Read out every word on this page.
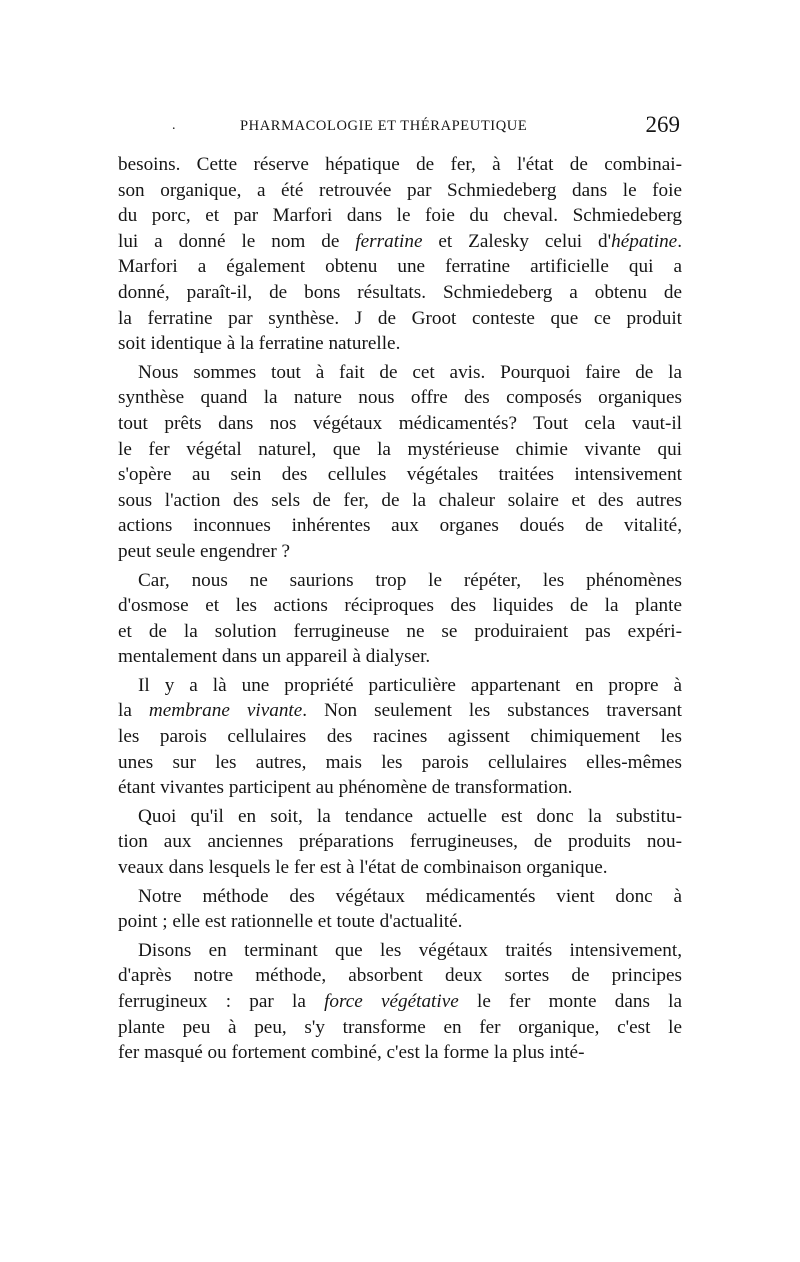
.	PHARMACOLOGIE ET THÉRAPEUTIQUE	269
besoins. Cette réserve hépatique de fer, à l'état de combinai-
son organique, a été retrouvée par Schmiedeberg dans le foie
du porc, et par Marfori dans le foie du cheval. Schmiedeberg
lui a donné le nom de ferratine et Zalesky celui d'hépatine.
Marfori a également obtenu une ferratine artificielle qui a
donné, paraît-il, de bons résultats. Schmiedeberg a obtenu de
la ferratine par synthèse. J de Groot conteste que ce produit
soit identique à la ferratine naturelle.
Nous sommes tout à fait de cet avis. Pourquoi faire de la
synthèse quand la nature nous offre des composés organiques
tout prêts dans nos végétaux médicamentés? Tout cela vaut-il
le fer végétal naturel, que la mystérieuse chimie vivante qui
s'opère au sein des cellules végétales traitées intensivement
sous l'action des sels de fer, de la chaleur solaire et des autres
actions inconnues inhérentes aux organes doués de vitalité,
peut seule engendrer ?
Car, nous ne saurions trop le répéter, les phénomènes
d'osmose et les actions réciproques des liquides de la plante
et de la solution ferrugineuse ne se produiraient pas expéri-
mentalement dans un appareil à dialyser.
Il y a là une propriété particulière appartenant en propre à
la membrane vivante. Non seulement les substances traversant
les parois cellulaires des racines agissent chimiquement les
unes sur les autres, mais les parois cellulaires elles-mêmes
étant vivantes participent au phénomène de transformation.
Quoi qu'il en soit, la tendance actuelle est donc la substitu-
tion aux anciennes préparations ferrugineuses, de produits nou-
veaux dans lesquels le fer est à l'état de combinaison organique.
Notre méthode des végétaux médicamentés vient donc à
point ; elle est rationnelle et toute d'actualité.
Disons en terminant que les végétaux traités intensivement,
d'après notre méthode, absorbent deux sortes de principes
ferrugineux : par la force végétative le fer monte dans la
plante peu à peu, s'y transforme en fer organique, c'est le
fer masqué ou fortement combiné, c'est la forme la plus inté-
